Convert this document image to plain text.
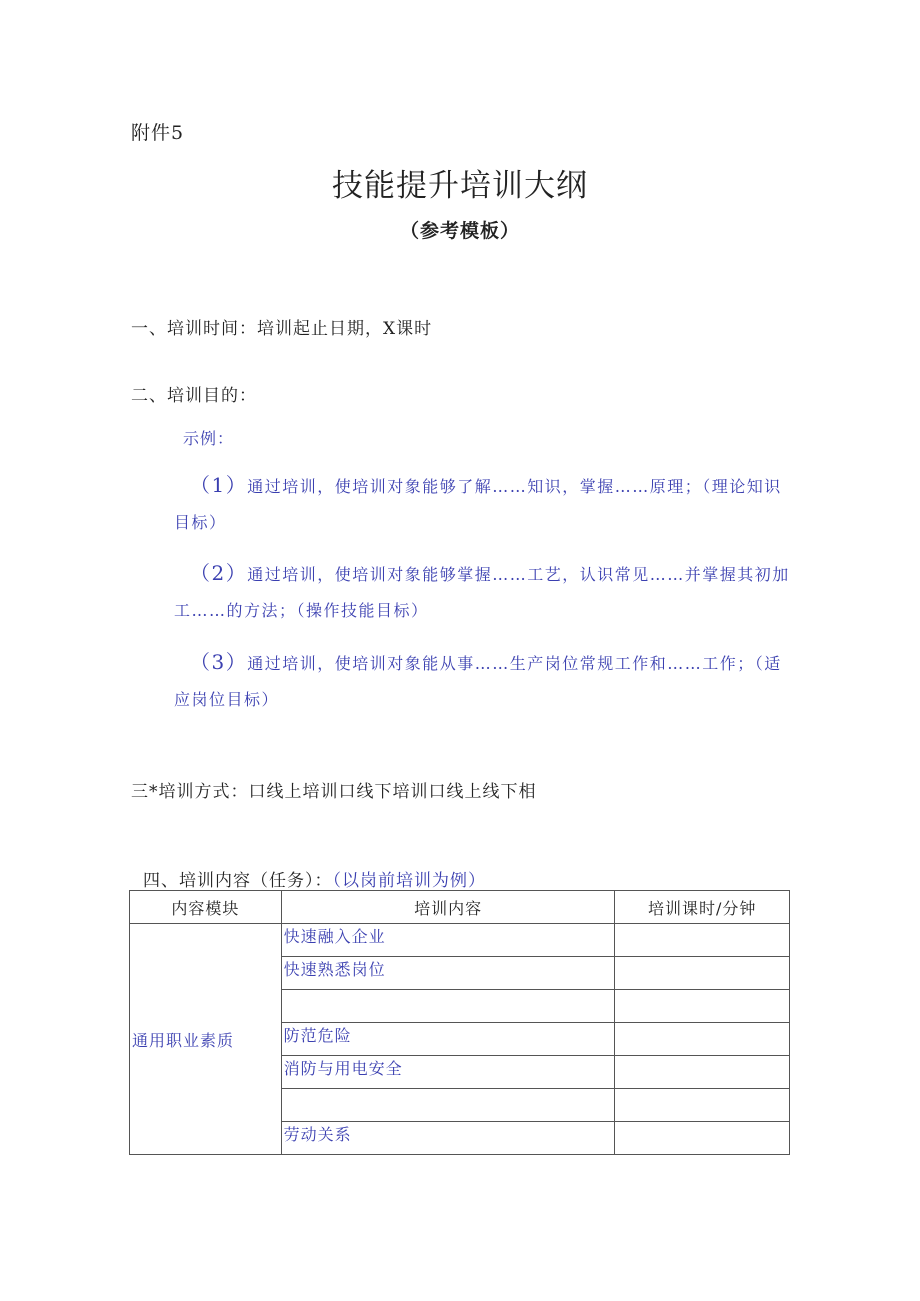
附件5
技能提升培训大纲
（参考模板）
一、培训时间：培训起止日期，X课时
二、培训目的：
示例：
（1）通过培训，使培训对象能够了解……知识，掌握……原理；（理论知识目标）
（2）通过培训，使培训对象能够掌握……工艺，认识常见……并掌握其初加工……的方法；（操作技能目标）
（3）通过培训，使培训对象能从事……生产岗位常规工作和……工作；（适应岗位目标）
三*培训方式：口线上培训口线下培训口线上线下相
四、培训内容（任务）：（以岗前培训为例）
内容模块	培训内容	培训课时/分钟
通用职业素质	快速融入企业	
	快速熟悉岗位	

	防范危险	
	消防与用电安全	

	劳动关系	
